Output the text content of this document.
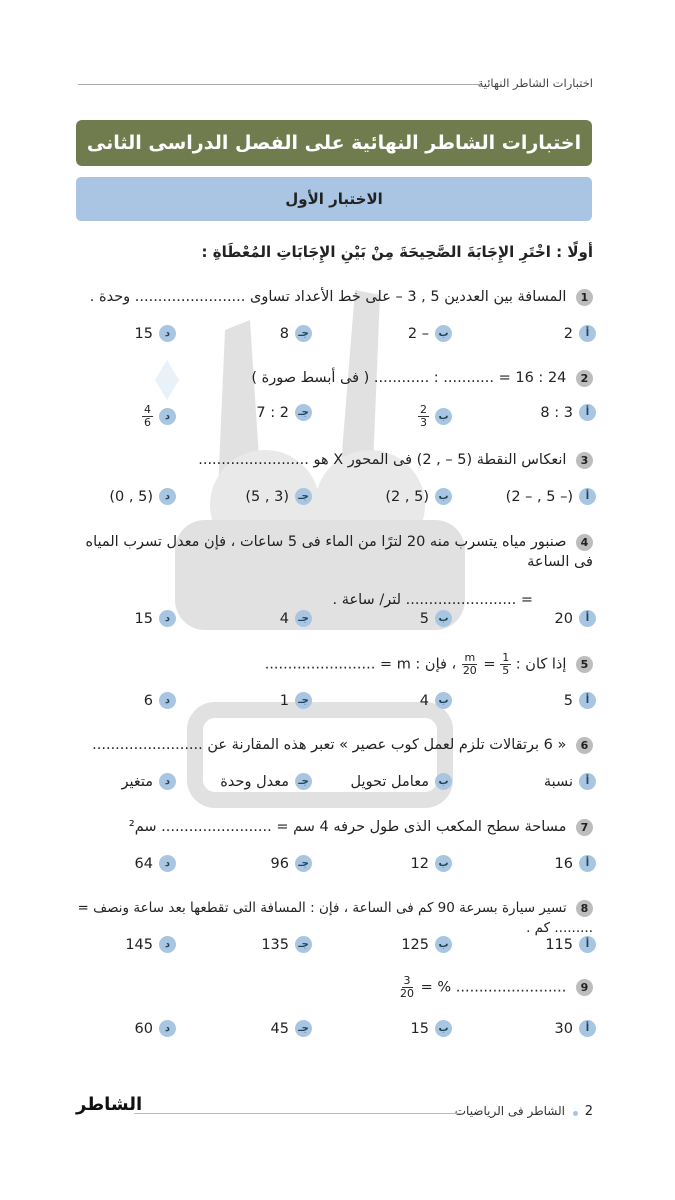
اختبارات الشاطر النهائية
اختبارات الشاطر النهائية على الفصل الدراسى الثانى
الاختبار الأول
أولًا : اخْتَرِ الإِجَابَةَ الصَّحِيحَةَ مِنْ بَيْنِ الإِجَابَاتِ المُعْطَاةِ :
1 المسافة بين العددين 5 , 3 – على خط الأعداد تساوى ........................ وحدة .
أ
2
ب
– 2
جـ
8
د
15
2 24 : 16 = ........... : ............ ( فى أبسط صورة )
أ
3 : 8
ب
$\frac{2}{3}$
جـ
2 : 7
د
$\frac{4}{6}$
3 انعكاس النقطة (5 – , 2) فى المحور X هو ........................
أ
(– 5 , – 2)
ب
(5 , 2)
جـ
(3 , 5)
د
(5 , 0)
4 صنبور مياه يتسرب منه 20 لترًا من الماء فى 5 ساعات ، فإن معدل تسرب المياه فى الساعة
= ........................ لتر/ ساعة .
أ
20
ب
5
جـ
4
د
15
5 إذا كان :
$\frac{1}{5}$
=
$\frac{m}{20}$
، فإن : m = ........................
أ
5
ب
4
جـ
1
د
6
6 « 6 برتقالات تلزم لعمل كوب عصير » تعبر هذه المقارنة عن ........................
أ
نسبة
ب
معامل تحويل
جـ
معدل وحدة
د
متغير
7 مساحة سطح المكعب الذى طول حرفه 4 سم = ........................ سم²
أ
16
ب
12
جـ
96
د
64
8 تسير سيارة بسرعة 90 كم فى الساعة ، فإن : المسافة التى تقطعها بعد ساعة ونصف = ......... كم .
أ
115
ب
125
جـ
135
د
145
9 ........................ % =
$\frac{3}{20}$
أ
30
ب
15
جـ
45
د
60
2
الشاطر فى الرياضيات
الشاطر
